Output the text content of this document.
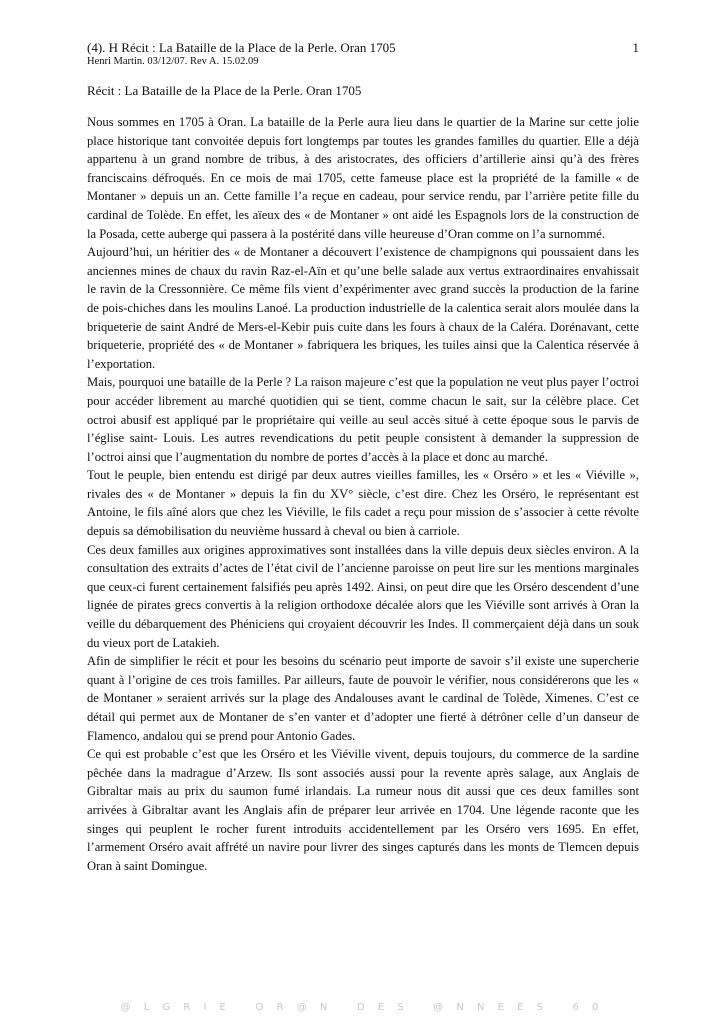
(4). H Récit : La Bataille de la Place de la Perle. Oran 1705	1
Henri Martin. 03/12/07. Rev A. 15.02.09
Récit : La Bataille de la Place de la Perle. Oran 1705

Nous sommes en 1705 à Oran. La bataille de la Perle aura lieu dans le quartier de la Marine sur cette jolie place historique tant convoitée depuis fort longtemps par toutes les grandes familles du quartier. Elle a déjà appartenu à un grand nombre de tribus, à des aristocrates, des officiers d’artillerie ainsi qu’à des frères franciscains défroqués. En ce mois de mai 1705, cette fameuse place est la propriété de la famille « de Montaner » depuis un an. Cette famille l’a reçue en cadeau, pour service rendu, par l’arrière petite fille du cardinal de Tolède. En effet, les aïeux des « de Montaner » ont aidé les Espagnols lors de la construction de la Posada, cette auberge qui passera à la postérité dans ville heureuse d’Oran comme on l’a surnommé.

Aujourd’hui, un héritier des « de Montaner a découvert l’existence de champignons qui poussaient dans les anciennes mines de chaux du ravin Raz-el-Aïn et qu’une belle salade aux vertus extraordinaires envahissait le ravin de la Cressonnière. Ce même fils vient d’expérimenter avec grand succès la production de la farine de pois-chiches dans les moulins Lanoé. La production industrielle de la calentica serait alors moulée dans la briqueterie de saint André de Mers-el-Kebir puis cuite dans les fours à chaux de la Caléra. Dorénavant, cette briqueterie, propriété des « de Montaner » fabriquera les briques, les tuiles ainsi que la Calentica réservée à l’exportation.

Mais, pourquoi une bataille de la Perle ? La raison majeure c’est que la population ne veut plus payer l’octroi pour accéder librement au marché quotidien qui se tient, comme chacun le sait, sur la célèbre place. Cet octroi abusif est appliqué par le propriétaire qui veille au seul accès situé à cette époque sous le parvis de l’église saint- Louis. Les autres revendications du petit peuple consistent à demander la suppression de l’octroi ainsi que l’augmentation du nombre de portes d’accès à la place et donc au marché.

Tout le peuple, bien entendu est dirigé par deux autres vieilles familles, les « Orséro » et les « Viéville », rivales des « de Montaner » depuis la fin du XV° siècle, c’est dire. Chez les Orséro, le représentant est Antoine, le fils aîné alors que chez les Viéville, le fils cadet a reçu pour mission de s’associer à cette révolte depuis sa démobilisation du neuvième hussard à cheval ou bien à carriole.

Ces deux familles aux origines approximatives sont installées dans la ville depuis deux siècles environ. A la consultation des extraits d’actes de l’état civil de l’ancienne paroisse on peut lire sur les mentions marginales que ceux-ci furent certainement falsifiés peu après 1492. Ainsi, on peut dire que les Orséro descendent d’une lignée de pirates grecs convertis à la religion orthodoxe décalée alors que les Viéville sont arrivés à Oran la veille du débarquement des Phéniciens qui croyaient découvrir les Indes. Il commerçaient déjà dans un souk du vieux port de Latakieh.

Afin de simplifier le récit et pour les besoins du scénario peut importe de savoir s’il existe une supercherie quant à l’origine de ces trois familles. Par ailleurs, faute de pouvoir le vérifier, nous considérerons que les « de Montaner » seraient arrivés sur la plage des Andalouses avant le cardinal de Tolède, Ximenes. C’est ce détail qui permet aux de Montaner de s’en vanter et d’adopter une fierté à détrôner celle d’un danseur de Flamenco, andalou qui se prend pour Antonio Gades.

Ce qui est probable c’est que les Orséro et les Viéville vivent, depuis toujours, du commerce de la sardine pêchée dans la madrague d’Arzew. Ils sont associés aussi pour la revente après salage, aux Anglais de Gibraltar mais au prix du saumon fumé irlandais. La rumeur nous dit aussi que ces deux familles sont arrivées à Gibraltar avant les Anglais afin de préparer leur arrivée en 1704. Une légende raconte que les singes qui peuplent le rocher furent introduits accidentellement par les Orséro vers 1695. En effet, l’armement Orséro avait affrété un navire pour livrer des singes capturés dans les monts de Tlemcen depuis Oran à saint Domingue.

@ L G R I E   O R @ N   D E S   @ N N E E S   6 0
